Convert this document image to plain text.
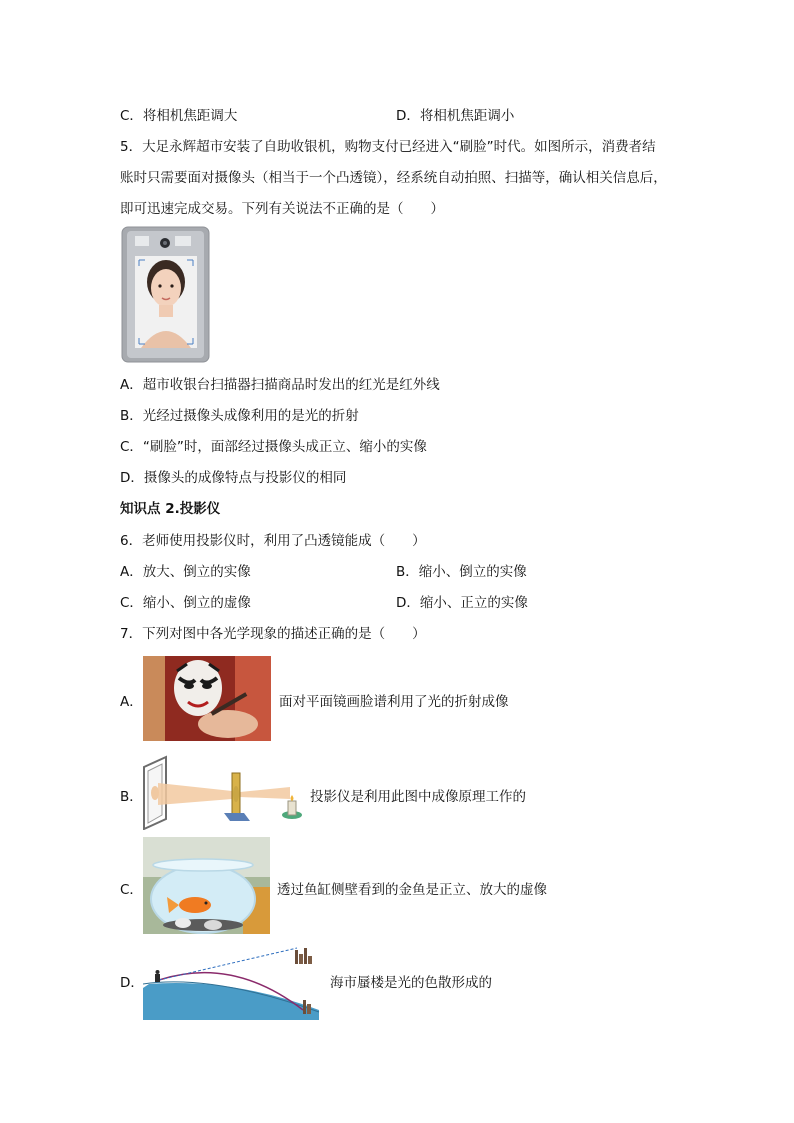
C．将相机焦距调大	D．将相机焦距调小
5．大足永辉超市安装了自助收银机，购物支付已经进入“刷脸”时代。如图所示，消费者结
账时只需要面对摄像头（相当于一个凸透镜），经系统自动拍照、扫描等，确认相关信息后，
即可迅速完成交易。下列有关说法不正确的是（　　）
A．超市收银台扫描器扫描商品时发出的红光是红外线
B．光经过摄像头成像利用的是光的折射
C．“刷脸”时，面部经过摄像头成正立、缩小的实像
D．摄像头的成像特点与投影仪的相同
知识点 2.投影仪
6．老师使用投影仪时，利用了凸透镜能成（　　）
A．放大、倒立的实像	B．缩小、倒立的实像
C．缩小、倒立的虚像	D．缩小、正立的实像
7．下列对图中各光学现象的描述正确的是（　　）
A．	面对平面镜画脸谱利用了光的折射成像
B．	投影仪是利用此图中成像原理工作的
C．	透过鱼缸侧壁看到的金鱼是正立、放大的虚像
D．	海市蜃楼是光的色散形成的
